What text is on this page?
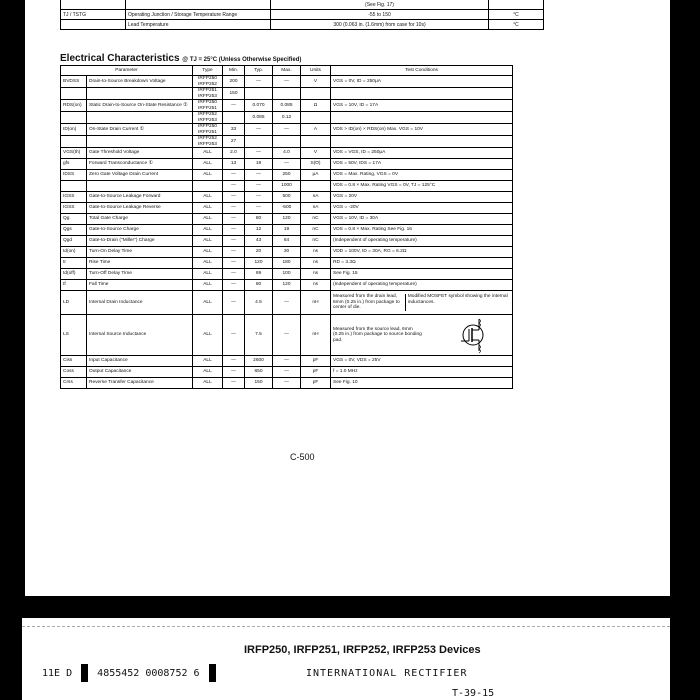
		(See Fig. 17)	
TJ / TSTG	Operating Junction / Storage Temperature Range	-55 to 150	°C
	Lead Temperature	300 (0.063 in. (1.6mm) from case for 10s)	°C
Electrical Characteristics @ TJ = 25°C (Unless Otherwise Specified)
Parameter		Type	Min.	Typ.	Max.	Units	Test Conditions
BVDSS	Drain-to-Source Breakdown Voltage	IRFP250 IRFP252	200	—	—	V	VGS = 0V, ID = 250μA
		IRFP251 IRFP253	150				
RDS(on)	Static Drain-to-Source On-State Resistance ①	IRFP250 IRFP251	—	0.070	0.085	Ω	VGS = 10V, ID = 17A
		IRFP252 IRFP253		0.085	0.12		
ID(on)	On-State Drain Current ①	IRFP250 IRFP251	33	—	—	A	VDS > ID(on) × RDS(on) Max. VGS = 10V
		IRFP252 IRFP253	27				
VGS(th)	Gate Threshold Voltage	ALL	2.0	—	4.0	V	VDS = VGS, ID = 250μA
gfs	Forward Transconductance ①	ALL	13	19	—	S(Ʊ)	VDS = 50V, IDS = 17A
IDSS	Zero Gate Voltage Drain Current	ALL	—	—	250	μA	VDS = Max. Rating, VGS = 0V
			—	—	1000		VDS = 0.8 × Max. Rating VGS = 0V, TJ = 125°C
IGSS	Gate-to-Source Leakage Forward	ALL	—	—	500	nA	VGS = 20V
IGSS	Gate-to-Source Leakage Reverse	ALL	—	—	-500	nA	VGS = -20V
Qg	Total Gate Charge	ALL	—	80	120	nC	VGS = 10V, ID = 30A
Qgs	Gate-to-Source Charge	ALL	—	12	19	nC	VDS = 0.8 × Max. Rating See Fig. 16
Qgd	Gate-to-Drain ("Miller") Charge	ALL	—	43	64	nC	(Independent of operating temperature)
td(on)	Turn-On Delay Time	ALL	—	20	30	ns	VDD = 100V, ID = 30A, RG = 6.2Ω
tr	Rise Time	ALL	—	120	180	ns	RD = 3.3Ω
td(off)	Turn-Off Delay Time	ALL	—	69	100	ns	See Fig. 15
tf	Fall Time	ALL	—	80	120	ns	(Independent of operating temperature)
LD	Internal Drain Inductance	ALL	—	4.5	—	nH	Measured from the drain lead, 6mm (0.25 in.) from package to center of die.
Modified MOSFET symbol showing the internal inductances.

LS	Internal Source Inductance	ALL	—	7.5	—	nH	Measured from the source lead, 6mm (0.25 in.) from package to source bonding pad.

Ciss	Input Capacitance	ALL	—	2600	—	pF	VGS = 0V, VDS = 25V
Coss	Output Capacitance	ALL	—	650	—	pF	f = 1.0 MHz
Crss	Reverse Transfer Capacitance	ALL	—	150	—	pF	See Fig. 10
C-500
IRFP250, IRFP251, IRFP252, IRFP253 Devices
11E D	4855452 0008752 6	INTERNATIONAL RECTIFIER
T-39-15
